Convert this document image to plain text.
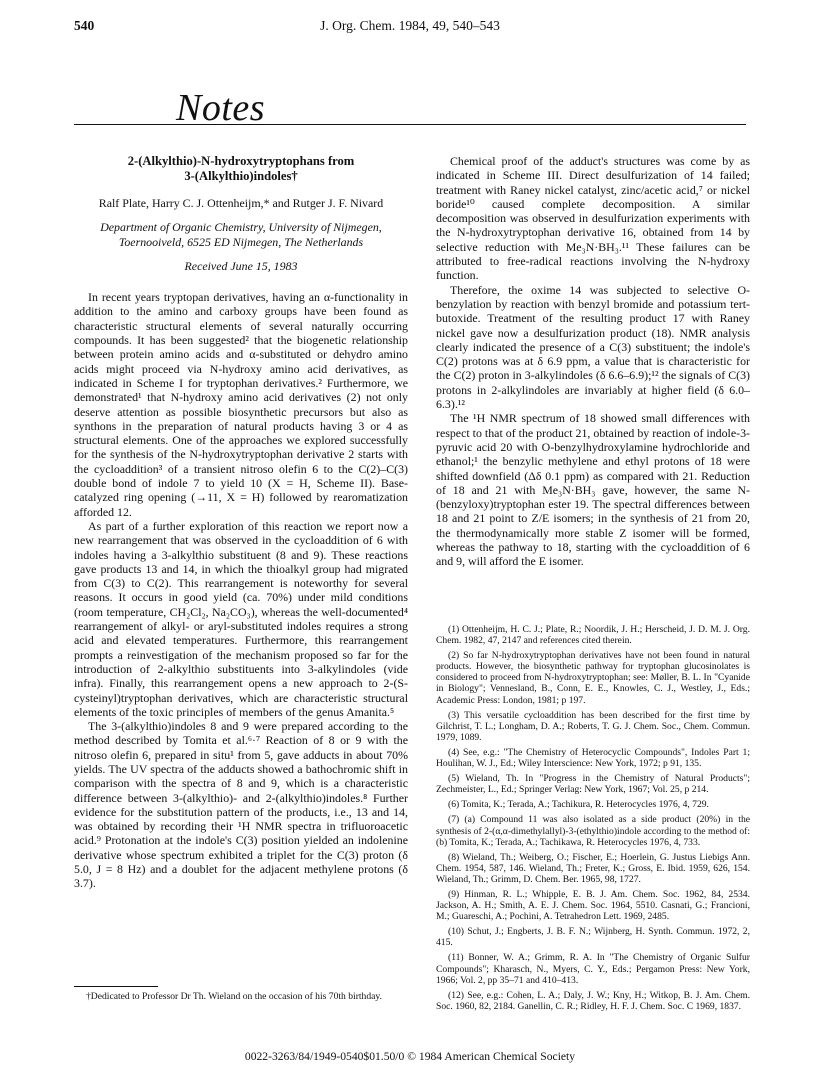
540	J. Org. Chem. 1984, 49, 540–543
Notes
2-(Alkylthio)-N-hydroxytryptophans from
3-(Alkylthio)indoles†

Ralf Plate, Harry C. J. Ottenheijm,* and Rutger J. F. Nivard

Department of Organic Chemistry, University of Nijmegen, Toernooiveld, 6525 ED Nijmegen, The Netherlands

Received June 15, 1983

In recent years tryptopan derivatives, having an α-functionality in addition to the amino and carboxy groups have been found as characteristic structural elements of several naturally occurring compounds. It has been suggested² that the biogenetic relationship between protein amino acids and α-substituted or dehydro amino acids might proceed via N-hydroxy amino acid derivatives, as indicated in Scheme I for tryptophan derivatives.² Furthermore, we demonstrated¹ that N-hydroxy amino acid derivatives (2) not only deserve attention as possible biosynthetic precursors but also as synthons in the preparation of natural products having 3 or 4 as structural elements. One of the approaches we explored successfully for the synthesis of the N-hydroxytryptophan derivative 2 starts with the cycloaddition³ of a transient nitroso olefin 6 to the C(2)–C(3) double bond of indole 7 to yield 10 (X = H, Scheme II). Base-catalyzed ring opening (→11, X = H) followed by rearomatization afforded 12.

As part of a further exploration of this reaction we report now a new rearrangement that was observed in the cycloaddition of 6 with indoles having a 3-alkylthio substituent (8 and 9). These reactions gave products 13 and 14, in which the thioalkyl group had migrated from C(3) to C(2). This rearrangement is noteworthy for several reasons. It occurs in good yield (ca. 70%) under mild conditions (room temperature, CH₂Cl₂, Na₂CO₃), whereas the well-documented⁴ rearrangement of alkyl- or aryl-substituted indoles requires a strong acid and elevated temperatures. Furthermore, this rearrangement prompts a reinvestigation of the mechanism proposed so far for the introduction of 2-alkylthio substituents into 3-alkylindoles (vide infra). Finally, this rearrangement opens a new approach to 2-(S-cysteinyl)tryptophan derivatives, which are characteristic structural elements of the toxic principles of members of the genus Amanita.⁵

The 3-(alkylthio)indoles 8 and 9 were prepared according to the method described by Tomita et al.⁶·⁷ Reaction of 8 or 9 with the nitroso olefin 6, prepared in situ¹ from 5, gave adducts in about 70% yields. The UV spectra of the adducts showed a bathochromic shift in comparison with the spectra of 8 and 9, which is a characteristic difference between 3-(alkylthio)- and 2-(alkylthio)indoles.⁸ Further evidence for the substitution pattern of the products, i.e., 13 and 14, was obtained by recording their ¹H NMR spectra in trifluoroacetic acid.⁹ Protonation at the indole's C(3) position yielded an indolenine derivative whose spectrum exhibited a triplet for the C(3) proton (δ 5.0, J = 8 Hz) and a doublet for the adjacent methylene protons (δ 3.7).

Chemical proof of the adduct's structures was come by as indicated in Scheme III. Direct desulfurization of 14 failed; treatment with Raney nickel catalyst, zinc/acetic acid,⁷ or nickel boride¹⁰ caused complete decomposition. A similar decomposition was observed in desulfurization experiments with the N-hydroxytryptophan derivative 16, obtained from 14 by selective reduction with Me₃N·BH₃.¹¹ These failures can be attributed to free-radical reactions involving the N-hydroxy function.

Therefore, the oxime 14 was subjected to selective O-benzylation by reaction with benzyl bromide and potassium tert-butoxide. Treatment of the resulting product 17 with Raney nickel gave now a desulfurization product (18). NMR analysis clearly indicated the presence of a C(3) substituent; the indole's C(2) protons was at δ 6.9 ppm, a value that is characteristic for the C(2) proton in 3-alkylindoles (δ 6.6–6.9);¹² the signals of C(3) protons in 2-alkylindoles are invariably at higher field (δ 6.0–6.3).¹²

The ¹H NMR spectrum of 18 showed small differences with respect to that of the product 21, obtained by reaction of indole-3-pyruvic acid 20 with O-benzylhydroxylamine hydrochloride and ethanol;¹ the benzylic methylene and ethyl protons of 18 were shifted downfield (Δδ 0.1 ppm) as compared with 21. Reduction of 18 and 21 with Me₃N·BH₃ gave, however, the same N-(benzyloxy)tryptophan ester 19. The spectral differences between 18 and 21 point to Z/E isomers; in the synthesis of 21 from 20, the thermodynamically more stable Z isomer will be formed, whereas the pathway to 18, starting with the cycloaddition of 6 and 9, will afford the E isomer.

(1) Ottenheijm, H. C. J.; Plate, R.; Noordik, J. H.; Herscheid, J. D. M. J. Org. Chem. 1982, 47, 2147 and references cited therein.

(2) So far N-hydroxytryptophan derivatives have not been found in natural products. However, the biosynthetic pathway for tryptophan glucosinolates is considered to proceed from N-hydroxytryptophan; see: Møller, B. L. In "Cyanide in Biology"; Vennesland, B., Conn, E. E., Knowles, C. J., Westley, J., Eds.; Academic Press: London, 1981; p 197.

(3) This versatile cycloaddition has been described for the first time by Gilchrist, T. L.; Longham, D. A.; Roberts, T. G. J. Chem. Soc., Chem. Commun. 1979, 1089.

(4) See, e.g.: "The Chemistry of Heterocyclic Compounds", Indoles Part 1; Houlihan, W. J., Ed.; Wiley Interscience: New York, 1972; p 91, 135.

(5) Wieland, Th. In "Progress in the Chemistry of Natural Products"; Zechmeister, L., Ed.; Springer Verlag: New York, 1967; Vol. 25, p 214.

(6) Tomita, K.; Terada, A.; Tachikura, R. Heterocycles 1976, 4, 729.

(7) (a) Compound 11 was also isolated as a side product (20%) in the synthesis of 2-(α,α-dimethylallyl)-3-(ethylthio)indole according to the method of: (b) Tomita, K.; Terada, A.; Tachikawa, R. Heterocycles 1976, 4, 733.

(8) Wieland, Th.; Weiberg, O.; Fischer, E.; Hoerlein, G. Justus Liebigs Ann. Chem. 1954, 587, 146. Wieland, Th.; Freter, K.; Gross, E. Ibid. 1959, 626, 154. Wieland, Th.; Grimm, D. Chem. Ber. 1965, 98, 1727.

(9) Hinman, R. L.; Whipple, E. B. J. Am. Chem. Soc. 1962, 84, 2534. Jackson, A. H.; Smith, A. E. J. Chem. Soc. 1964, 5510. Casnati, G.; Francioni, M.; Guareschi, A.; Pochini, A. Tetrahedron Lett. 1969, 2485.

(10) Schut, J.; Engberts, J. B. F. N.; Wijnberg, H. Synth. Commun. 1972, 2, 415.

(11) Bonner, W. A.; Grimm, R. A. In "The Chemistry of Organic Sulfur Compounds"; Kharasch, N., Myers, C. Y., Eds.; Pergamon Press: New York, 1966; Vol. 2, pp 35–71 and 410–413.

(12) See, e.g.: Cohen, L. A.; Daly, J. W.; Kny, H.; Witkop, B. J. Am. Chem. Soc. 1960, 82, 2184. Ganellin, C. R.; Ridley, H. F. J. Chem. Soc. C 1969, 1837.

†Dedicated to Professor Dr Th. Wieland on the occasion of his 70th birthday.
0022-3263/84/1949-0540$01.50/0 © 1984 American Chemical Society
